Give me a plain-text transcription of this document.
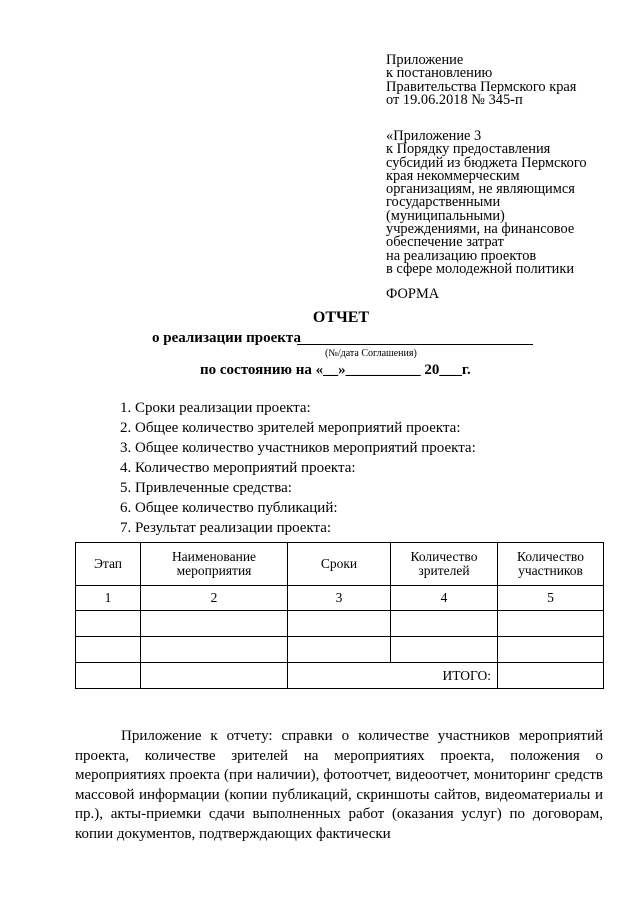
Приложение
к постановлению
Правительства Пермского края
от 19.06.2018 № 345-п
«Приложение 3
к Порядку предоставления
субсидий из бюджета Пермского
края некоммерческим
организациям, не являющимся
государственными
(муниципальными)
учреждениями, на финансовое
обеспечение затрат
на реализацию проектов
в сфере молодежной политики
ФОРМА
ОТЧЕТ
о реализации проекта
(№/дата Соглашения)
по состоянию на «__»__________ 20___г.
1. Сроки реализации проекта:
2. Общее количество зрителей мероприятий проекта:
3. Общее количество участников мероприятий проекта:
4. Количество мероприятий проекта:
5. Привлеченные средства:
6. Общее количество публикаций:
7. Результат реализации проекта:
Этап	Наименование мероприятия	Сроки	Количество зрителей	Количество участников
1	2	3	4	5

		ИТОГО:		

Приложение к отчету: справки о количестве участников мероприятий проекта, количестве зрителей на мероприятиях проекта, положения о мероприятиях проекта (при наличии), фотоотчет, видеоотчет, мониторинг средств массовой информации (копии публикаций, скриншоты сайтов, видеоматериалы и пр.), акты-приемки сдачи выполненных работ (оказания услуг) по договорам, копии документов, подтверждающих фактически
